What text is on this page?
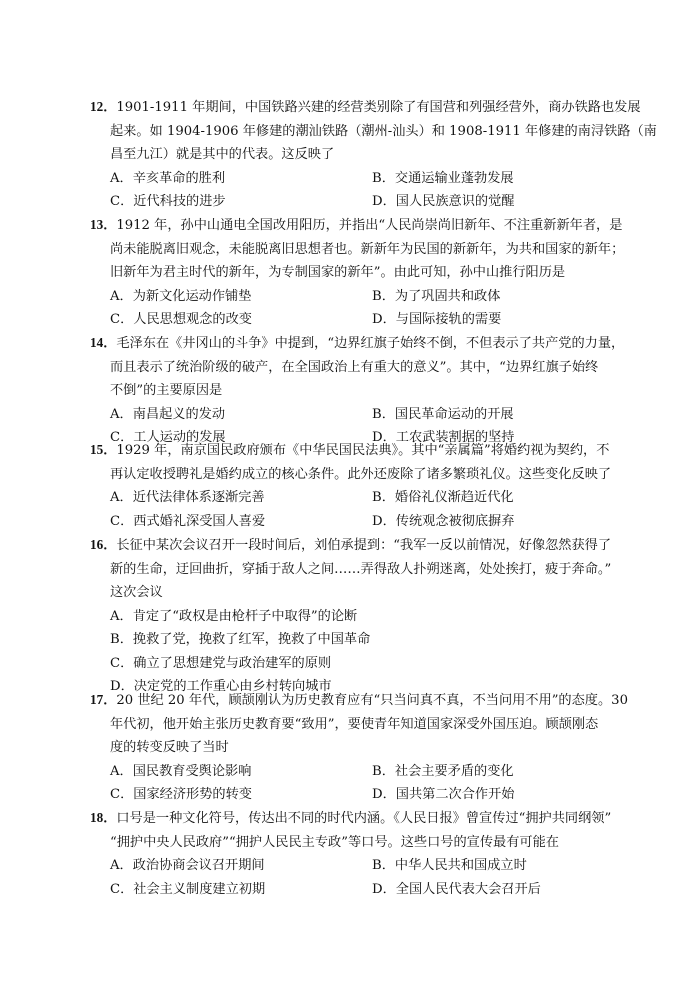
12．1901-1911 年期间，中国铁路兴建的经营类别除了有国营和列强经营外，商办铁路也发展
起来。如 1904-1906 年修建的潮汕铁路（潮州-汕头）和 1908-1911 年修建的南浔铁路（南
昌至九江）就是其中的代表。这反映了
A．辛亥革命的胜利	B．交通运输业蓬勃发展
C．近代科技的进步	D．国人民族意识的觉醒
13．1912 年，孙中山通电全国改用阳历，并指出“人民尚崇尚旧新年、不注重新新年者，是
尚未能脱离旧观念，未能脱离旧思想者也。新新年为民国的新新年，为共和国家的新年；
旧新年为君主时代的新年，为专制国家的新年”。由此可知，孙中山推行阳历是
A．为新文化运动作铺垫	B．为了巩固共和政体
C．人民思想观念的改变	D．与国际接轨的需要
14．毛泽东在《井冈山的斗争》中提到，“边界红旗子始终不倒，不但表示了共产党的力量，
而且表示了统治阶级的破产，在全国政治上有重大的意义”。其中，“边界红旗子始终
不倒”的主要原因是
A．南昌起义的发动	B．国民革命运动的开展
C．工人运动的发展	D．工农武装割据的坚持
15．1929 年，南京国民政府颁布《中华民国民法典》。其中“亲属篇”将婚约视为契约，不
再认定收授聘礼是婚约成立的核心条件。此外还废除了诸多繁琐礼仪。这些变化反映了
A．近代法律体系逐渐完善	B．婚俗礼仪渐趋近代化
C．西式婚礼深受国人喜爱	D．传统观念被彻底摒弃
16．长征中某次会议召开一段时间后，刘伯承提到：“我军一反以前情况，好像忽然获得了
新的生命，迂回曲折，穿插于敌人之间……弄得敌人扑朔迷离，处处挨打，疲于奔命。”
这次会议
A．肯定了“政权是由枪杆子中取得”的论断
B．挽救了党，挽救了红军，挽救了中国革命
C．确立了思想建党与政治建军的原则
D．决定党的工作重心由乡村转向城市
17．20 世纪 20 年代，顾颉刚认为历史教育应有“只当问真不真，不当问用不用”的态度。30
年代初，他开始主张历史教育要“致用”，要使青年知道国家深受外国压迫。顾颉刚态
度的转变反映了当时
A．国民教育受舆论影响	B．社会主要矛盾的变化
C．国家经济形势的转变	D．国共第二次合作开始
18．口号是一种文化符号，传达出不同的时代内涵。《人民日报》曾宣传过“拥护共同纲领”
“拥护中央人民政府”“拥护人民民主专政”等口号。这些口号的宣传最有可能在
A．政治协商会议召开期间	B．中华人民共和国成立时
C．社会主义制度建立初期	D．全国人民代表大会召开后
